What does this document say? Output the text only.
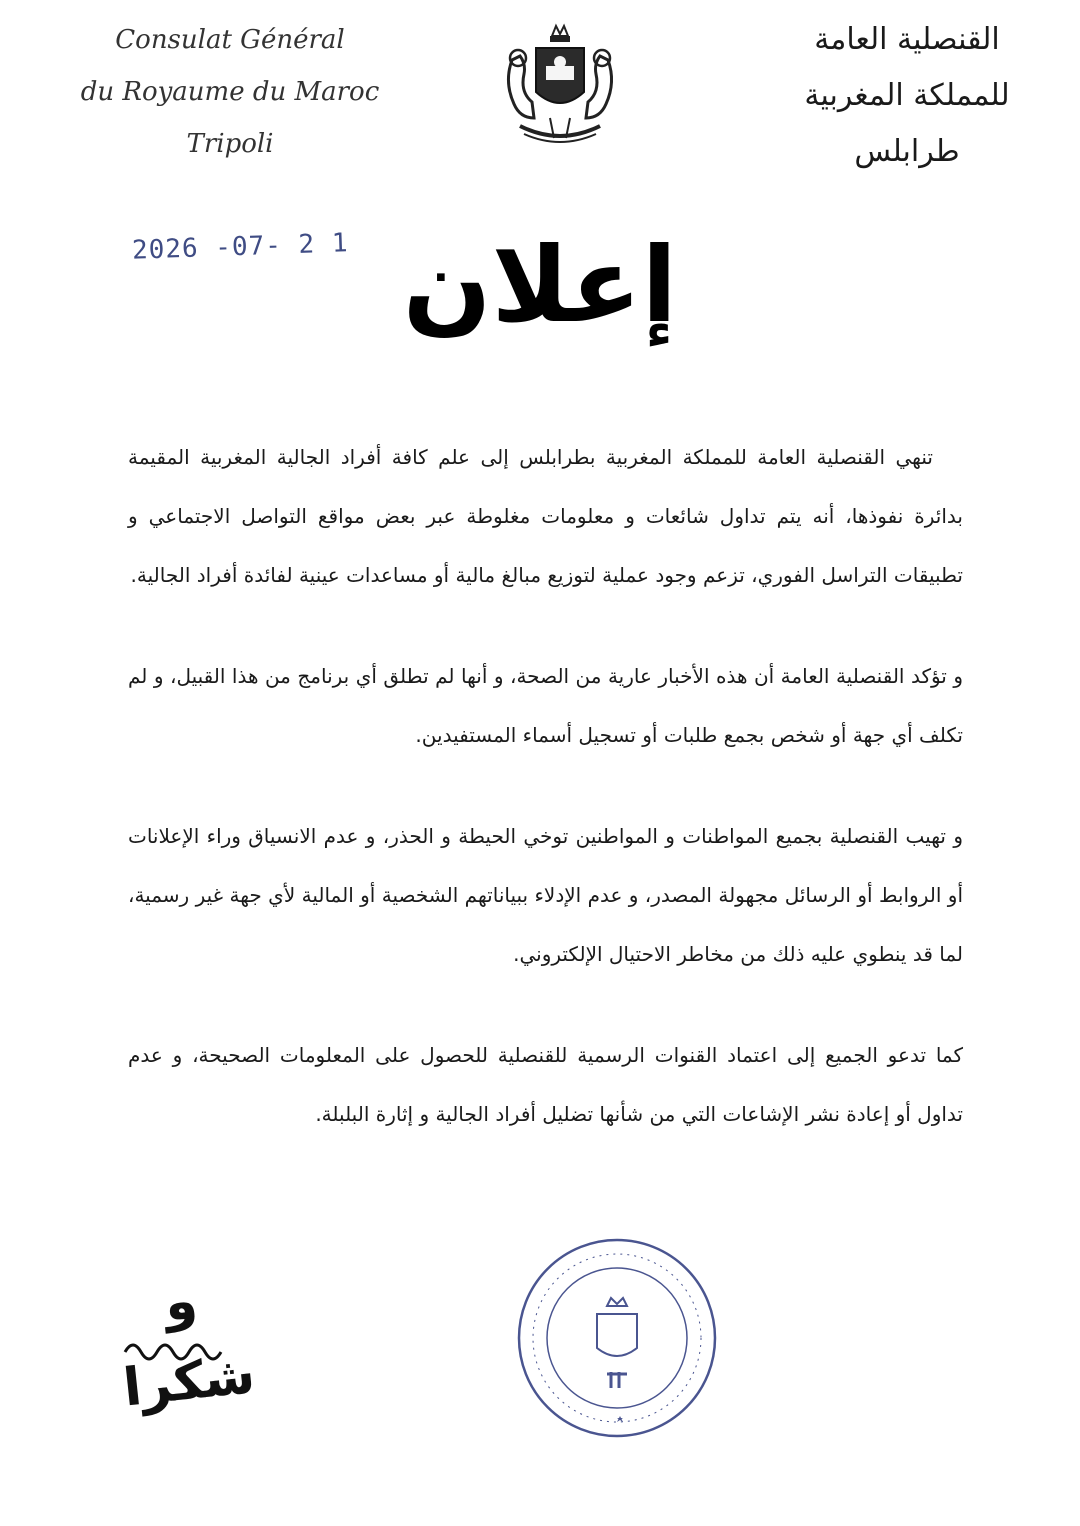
Consulat Général
du Royaume du Maroc
Tripoli
القنصلية العامة
للمملكة المغربية
طرابلس
2026 -07- 2 1 إعلان

تنهي القنصلية العامة للمملكة المغربية بطرابلس إلى علم كافة أفراد الجالية المغربية المقيمة بدائرة نفوذها، أنه يتم تداول شائعات و معلومات مغلوطة عبر بعض مواقع التواصل الاجتماعي و تطبيقات التراسل الفوري، تزعم وجود عملية لتوزيع مبالغ مالية أو مساعدات عينية لفائدة أفراد الجالية.

و تؤكد القنصلية العامة أن هذه الأخبار عارية من الصحة، و أنها لم تطلق أي برنامج من هذا القبيل، و لم تكلف أي جهة أو شخص بجمع طلبات أو تسجيل أسماء المستفيدين.

و تهيب القنصلية بجميع المواطنات و المواطنين توخي الحيطة و الحذر، و عدم الانسياق وراء الإعلانات أو الروابط أو الرسائل مجهولة المصدر، و عدم الإدلاء ببياناتهم الشخصية أو المالية لأي جهة غير رسمية، لما قد ينطوي عليه ذلك من مخاطر الاحتيال الإلكتروني.

كما تدعو الجميع إلى اعتماد القنوات الرسمية للقنصلية للحصول على المعلومات الصحيحة، و عدم تداول أو إعادة نشر الإشاعات التي من شأنها تضليل أفراد الجالية و إثارة البلبلة.

و شكرا
